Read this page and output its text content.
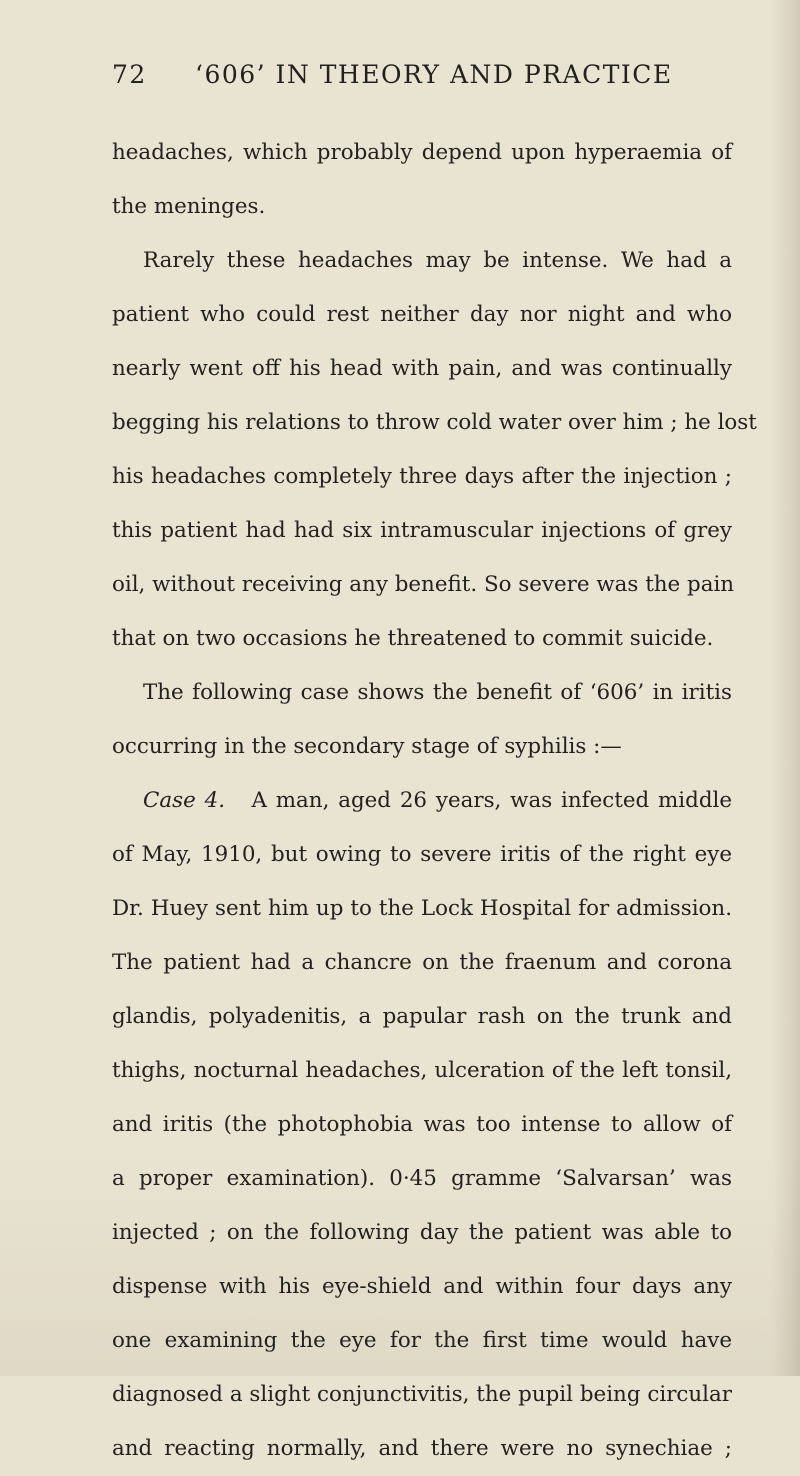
72 ‘606’ IN THEORY AND PRACTICE
headaches, which probably depend upon hyperaemia of
the meninges.
Rarely these headaches may be intense. We had a
patient who could rest neither day nor night and who
nearly went off his head with pain, and was continually
begging his relations to throw cold water over him ; he lost
his headaches completely three days after the injection ;
this patient had had six intramuscular injections of grey
oil, without receiving any benefit. So severe was the pain
that on two occasions he threatened to commit suicide.
The following case shows the benefit of ‘606’ in iritis
occurring in the secondary stage of syphilis :—
Case 4. A man, aged 26 years, was infected middle
of May, 1910, but owing to severe iritis of the right eye
Dr. Huey sent him up to the Lock Hospital for admission.
The patient had a chancre on the fraenum and corona
glandis, polyadenitis, a papular rash on the trunk and
thighs, nocturnal headaches, ulceration of the left tonsil,
and iritis (the photophobia was too intense to allow of
a proper examination). 0·45 gramme ‘Salvarsan’ was
injected ; on the following day the patient was able to
dispense with his eye-shield and within four days any
one examining the eye for the first time would have
diagnosed a slight conjunctivitis, the pupil being circular
and reacting normally, and there were no synechiae ;
